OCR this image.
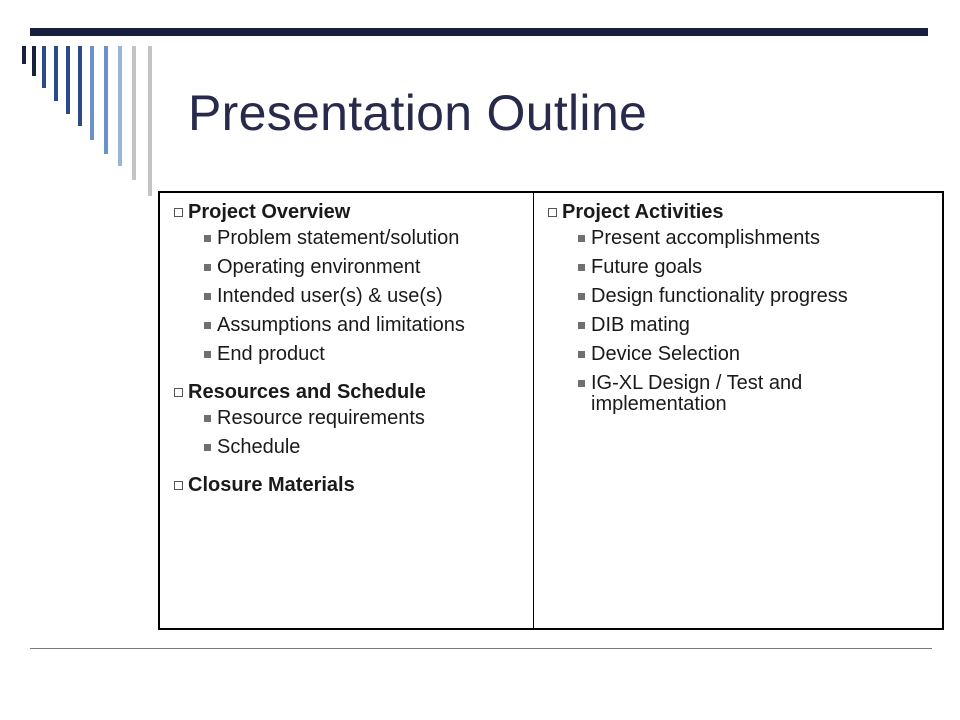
Presentation Outline
Project Overview
Problem statement/solution
Operating environment
Intended user(s) & use(s)
Assumptions and limitations
End product
Resources and Schedule
Resource requirements
Schedule
Closure Materials

Project Activities
Present accomplishments
Future goals
Design functionality progress
DIB mating
Device Selection
IG-XL Design / Test and implementation
